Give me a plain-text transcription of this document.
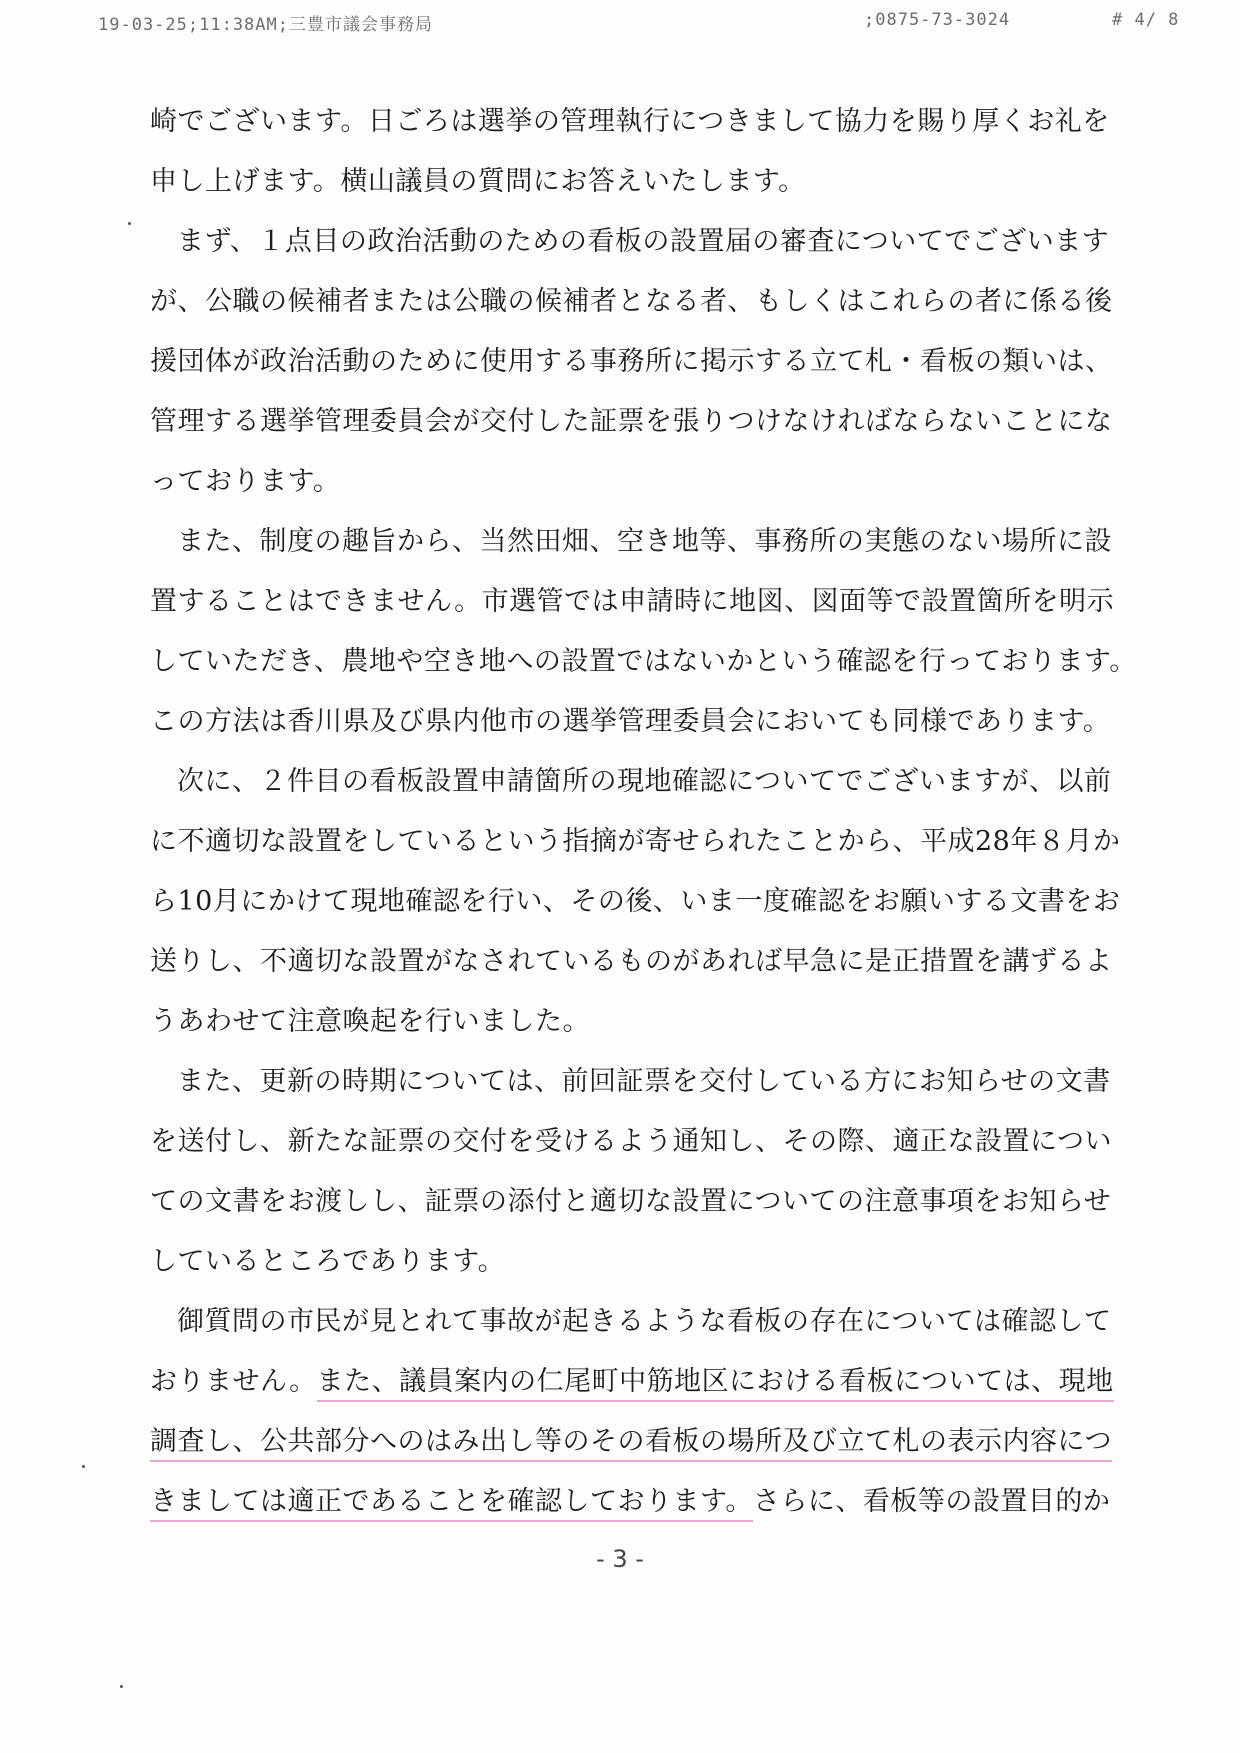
19-03-25;11:38AM;三豊市議会事務局	;0875-73-3024	# 4/ 8
崎でございます。日ごろは選挙の管理執行につきまして協力を賜り厚くお礼を
申し上げます。横山議員の質問にお答えいたします。
まず、１点目の政治活動のための看板の設置届の審査についてでございます
が、公職の候補者または公職の候補者となる者、もしくはこれらの者に係る後
援団体が政治活動のために使用する事務所に掲示する立て札・看板の類いは、
管理する選挙管理委員会が交付した証票を張りつけなければならないことにな
っております。
また、制度の趣旨から、当然田畑、空き地等、事務所の実態のない場所に設
置することはできません。市選管では申請時に地図、図面等で設置箇所を明示
していただき、農地や空き地への設置ではないかという確認を行っております。
この方法は香川県及び県内他市の選挙管理委員会においても同様であります。
次に、２件目の看板設置申請箇所の現地確認についてでございますが、以前
に不適切な設置をしているという指摘が寄せられたことから、平成28年８月か
ら10月にかけて現地確認を行い、その後、いま一度確認をお願いする文書をお
送りし、不適切な設置がなされているものがあれば早急に是正措置を講ずるよ
うあわせて注意喚起を行いました。
また、更新の時期については、前回証票を交付している方にお知らせの文書
を送付し、新たな証票の交付を受けるよう通知し、その際、適正な設置につい
ての文書をお渡しし、証票の添付と適切な設置についての注意事項をお知らせ
しているところであります。
御質問の市民が見とれて事故が起きるような看板の存在については確認して
おりません。また、議員案内の仁尾町中筋地区における看板については、現地
調査し、公共部分へのはみ出し等のその看板の場所及び立て札の表示内容につ
きましては適正であることを確認しております。さらに、看板等の設置目的か
- 3 -
